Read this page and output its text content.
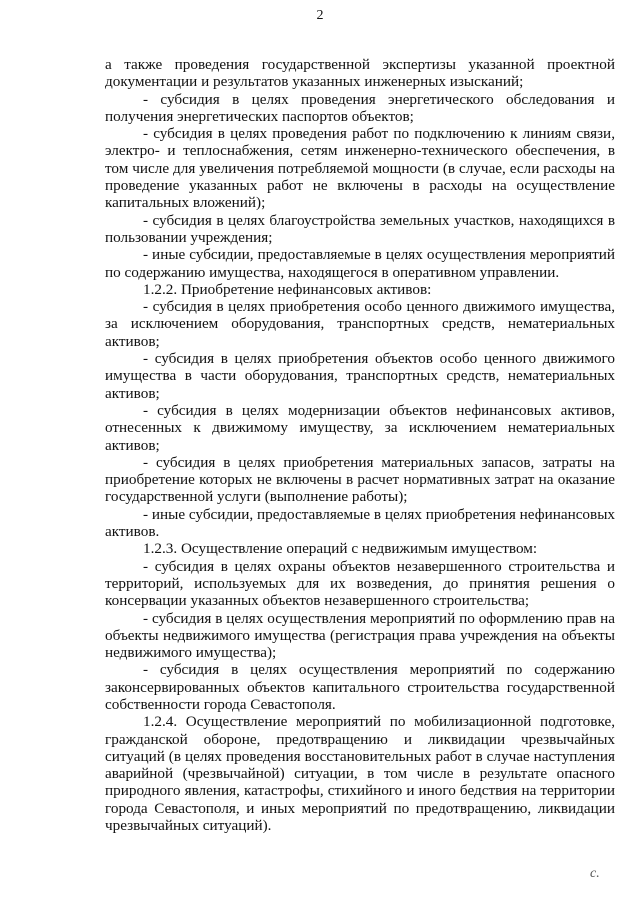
2

а также проведения государственной экспертизы указанной проектной документации и результатов указанных инженерных изысканий;

- субсидия в целях проведения энергетического обследования и получения энергетических паспортов объектов;

- субсидия в целях проведения работ по подключению к линиям связи, электро- и теплоснабжения, сетям инженерно-технического обеспечения, в том числе для увеличения потребляемой мощности (в случае, если расходы на проведение указанных работ не включены в расходы на осуществление капитальных вложений);

- субсидия в целях благоустройства земельных участков, находящихся в пользовании учреждения;

- иные субсидии, предоставляемые в целях осуществления мероприятий по содержанию имущества, находящегося в оперативном управлении.

1.2.2. Приобретение нефинансовых активов:

- субсидия в целях приобретения особо ценного движимого имущества, за исключением оборудования, транспортных средств, нематериальных активов;

- субсидия в целях приобретения объектов особо ценного движимого имущества в части оборудования, транспортных средств, нематериальных активов;

- субсидия в целях модернизации объектов нефинансовых активов, отнесенных к движимому имуществу, за исключением нематериальных активов;

- субсидия в целях приобретения материальных запасов, затраты на приобретение которых не включены в расчет нормативных затрат на оказание государственной услуги (выполнение работы);

- иные субсидии, предоставляемые в целях приобретения нефинансовых активов.

1.2.3. Осуществление операций с недвижимым имуществом:

- субсидия в целях охраны объектов незавершенного строительства и территорий, используемых для их возведения, до принятия решения о консервации указанных объектов незавершенного строительства;

- субсидия в целях осуществления мероприятий по оформлению прав на объекты недвижимого имущества (регистрация права учреждения на объекты недвижимого имущества);

- субсидия в целях осуществления мероприятий по содержанию законсервированных объектов капитального строительства государственной собственности города Севастополя.

1.2.4. Осуществление мероприятий по мобилизационной подготовке, гражданской обороне, предотвращению и ликвидации чрезвычайных ситуаций (в целях проведения восстановительных работ в случае наступления аварийной (чрезвычайной) ситуации, в том числе в результате опасного природного явления, катастрофы, стихийного и иного бедствия на территории города Севастополя, и иных мероприятий по предотвращению, ликвидации чрезвычайных ситуаций).

с.
